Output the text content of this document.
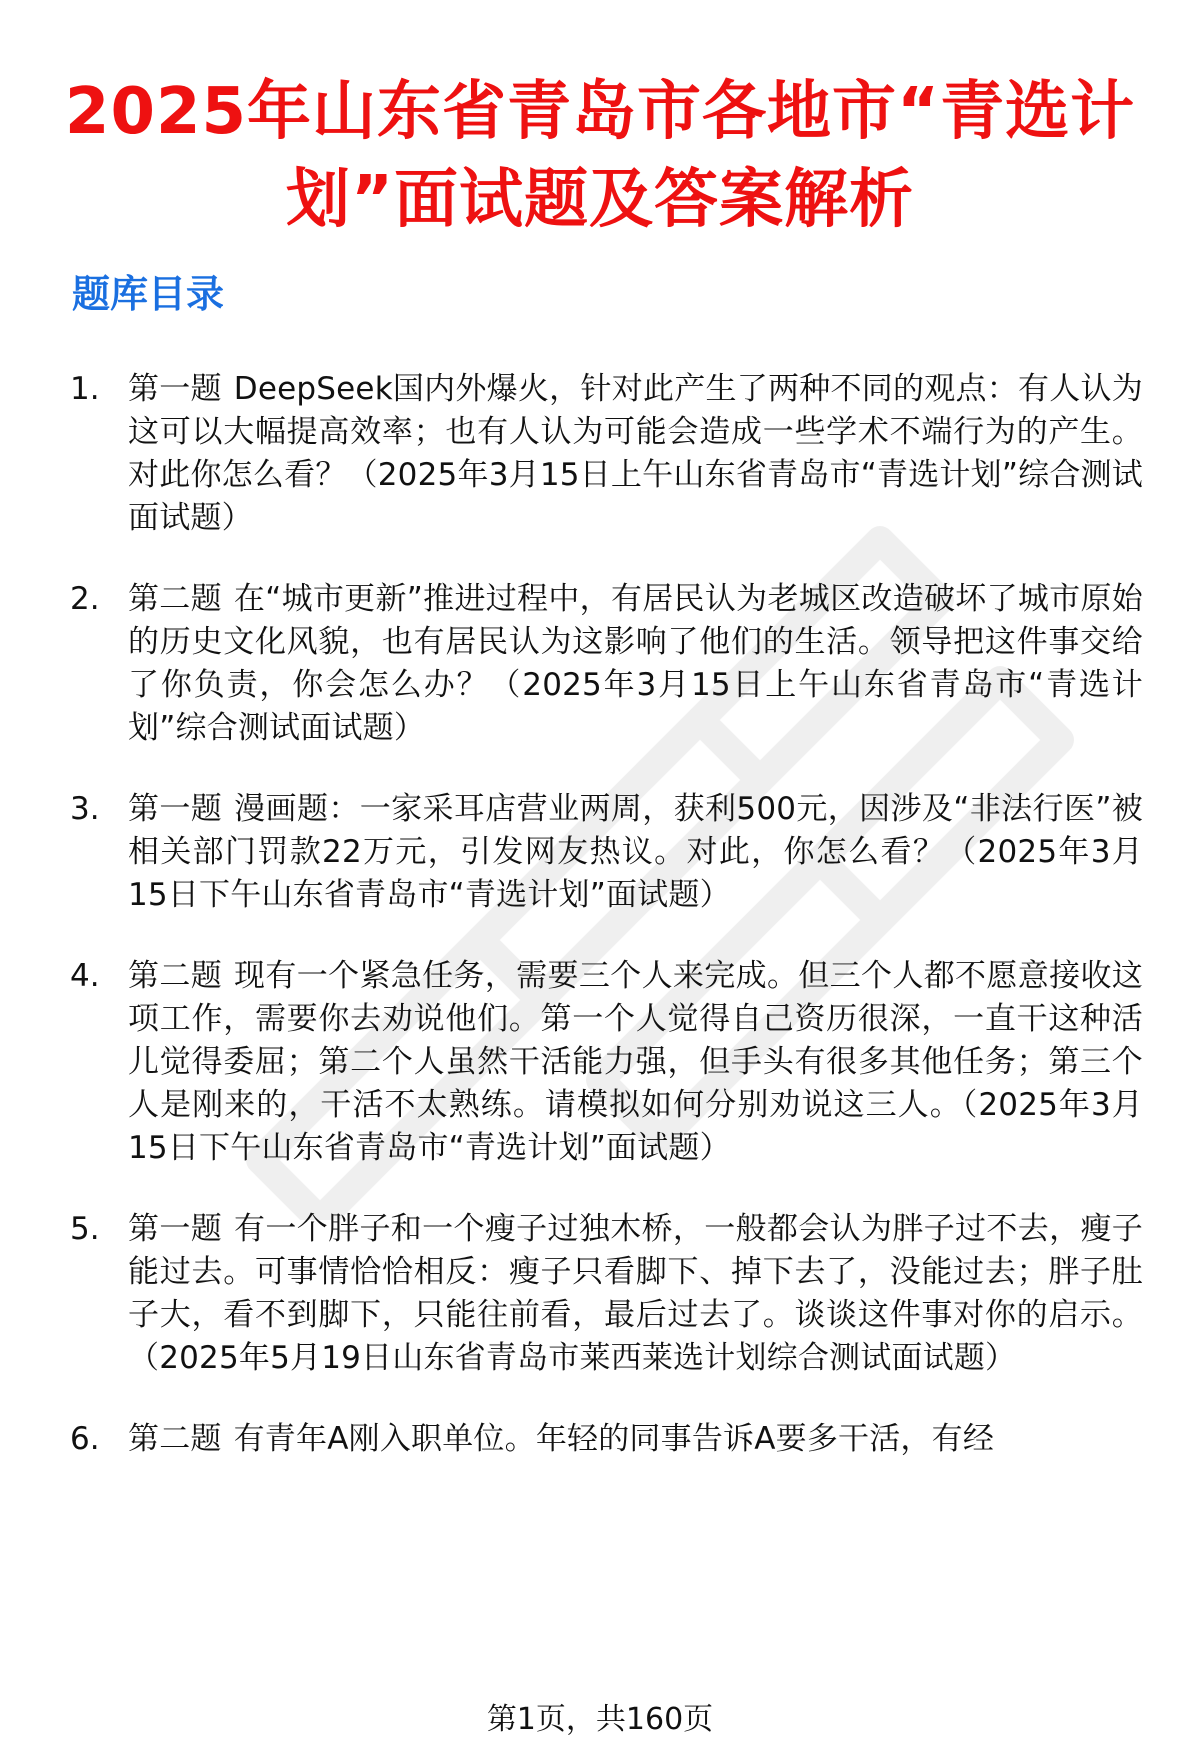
2025年山东省青岛市各地市“青选计划”面试题及答案解析
题库目录
1. 第一题 DeepSeek国内外爆火，针对此产生了两种不同的观点：有人认为这可以大幅提高效率；也有人认为可能会造成一些学术不端行为的产生。对此你怎么看？（2025年3月15日上午山东省青岛市“青选计划”综合测试面试题）
2. 第二题 在“城市更新”推进过程中，有居民认为老城区改造破坏了城市原始的历史文化风貌，也有居民认为这影响了他们的生活。领导把这件事交给了你负责，你会怎么办？（2025年3月15日上午山东省青岛市“青选计划”综合测试面试题）
3. 第一题 漫画题：一家采耳店营业两周，获利500元，因涉及“非法行医”被相关部门罚款22万元，引发网友热议。对此，你怎么看？（2025年3月15日下午山东省青岛市“青选计划”面试题）
4. 第二题 现有一个紧急任务，需要三个人来完成。但三个人都不愿意接收这项工作，需要你去劝说他们。第一个人觉得自己资历很深，一直干这种活儿觉得委屈；第二个人虽然干活能力强，但手头有很多其他任务；第三个人是刚来的，干活不太熟练。请模拟如何分别劝说这三人。（2025年3月15日下午山东省青岛市“青选计划”面试题）
5. 第一题 有一个胖子和一个瘦子过独木桥，一般都会认为胖子过不去，瘦子能过去。可事情恰恰相反：瘦子只看脚下、掉下去了，没能过去；胖子肚子大，看不到脚下，只能往前看，最后过去了。谈谈这件事对你的启示。（2025年5月19日山东省青岛市莱西莱选计划综合测试面试题）
6. 第二题 有青年A刚入职单位。年轻的同事告诉A要多干活，有经
第1页，共160页
